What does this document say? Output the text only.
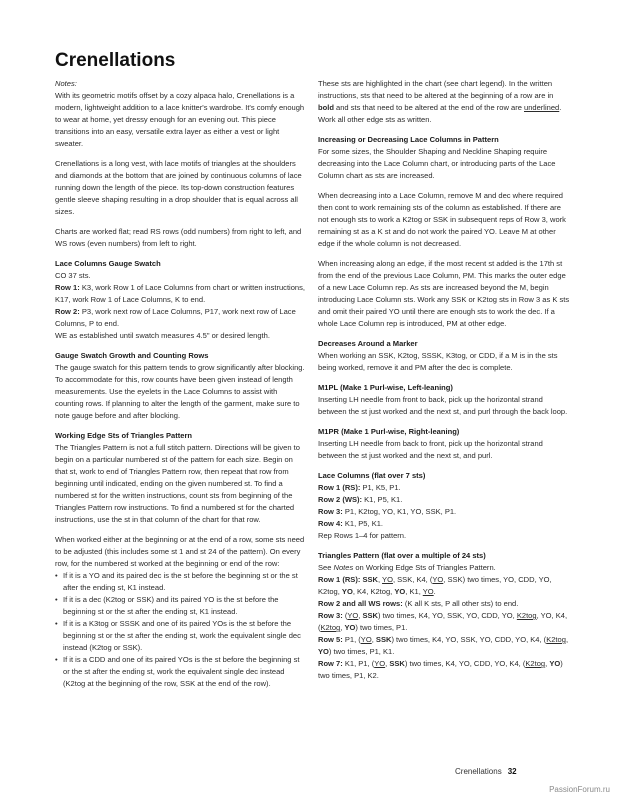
Crenellations
Notes:

With its geometric motifs offset by a cozy alpaca halo, Crenellations is a modern, lightweight addition to a lace knitter's wardrobe. It's comfy enough to wear at home, yet dressy enough for an evening out. This piece transitions into an easy, versatile extra layer as either a vest or light sweater.

Crenellations is a long vest, with lace motifs of triangles at the shoulders and diamonds at the bottom that are joined by continuous columns of lace running down the length of the piece. Its top-down construction features gentle sleeve shaping resulting in a drop shoulder that is equal across all sizes.

Charts are worked flat; read RS rows (odd numbers) from right to left, and WS rows (even numbers) from left to right.

Lace Columns Gauge Swatch

CO 37 sts.
Row 1: K3, work Row 1 of Lace Columns from chart or written instructions, K17, work Row 1 of Lace Columns, K to end.
Row 2: P3, work next row of Lace Columns, P17, work next row of Lace Columns, P to end.
WE as established until swatch measures 4.5" or desired length.

Gauge Swatch Growth and Counting Rows

The gauge swatch for this pattern tends to grow significantly after blocking. To accommodate for this, row counts have been given instead of length measurements. Use the eyelets in the Lace Columns to assist with counting rows. If planning to alter the length of the garment, make sure to note gauge before and after blocking.

Working Edge Sts of Triangles Pattern

The Triangles Pattern is not a full stitch pattern. Directions will be given to begin on a particular numbered st of the pattern for each size. Begin on that st, work to end of Triangles Pattern row, then repeat that row from beginning until indicated, ending on the given numbered st. To find a numbered st for the written instructions, count sts from beginning of the Triangles Pattern row instructions. To find a numbered st for the charted instructions, use the st in that column of the chart for that row.

When worked either at the beginning or at the end of a row, some sts need to be adjusted (this includes some st 1 and st 24 of the pattern). On every row, for the numbered st worked at the beginning or end of the row:

• If it is a YO and its paired dec is the st before the beginning st or the st after the ending st, K1 instead.
• If it is a dec (K2tog or SSK) and its paired YO is the st before the beginning st or the st after the ending st, K1 instead.
• If it is a K3tog or SSSK and one of its paired YOs is the st before the beginning st or the st after the ending st, work the equivalent single dec instead (K2tog or SSK).
• If it is a CDD and one of its paired YOs is the st before the beginning st or the st after the ending st, work the equivalent single dec instead (K2tog at the beginning of the row, SSK at the end of the row).

These sts are highlighted in the chart (see chart legend). In the written instructions, sts that need to be altered at the beginning of a row are in bold and sts that need to be altered at the end of the row are underlined. Work all other edge sts as written.

Increasing or Decreasing Lace Columns in Pattern

For some sizes, the Shoulder Shaping and Neckline Shaping require decreasing into the Lace Column chart, or introducing parts of the Lace Column chart as sts are increased.

When decreasing into a Lace Column, remove M and dec where required then cont to work remaining sts of the column as established. If there are not enough sts to work a K2tog or SSK in subsequent reps of Row 3, work remaining st as a K st and do not work the paired YO. Leave M at other edge if the whole column is not decreased.

When increasing along an edge, if the most recent st added is the 17th st from the end of the previous Lace Column, PM. This marks the outer edge of a new Lace Column rep. As sts are increased beyond the M, begin introducing Lace Column sts. Work any SSK or K2tog sts in Row 3 as K sts and omit their paired YO until there are enough sts to work the dec. If a whole Lace Column rep is introduced, PM at other edge.

Decreases Around a Marker

When working an SSK, K2tog, SSSK, K3tog, or CDD, if a M is in the sts being worked, remove it and PM after the dec is complete.

M1PL (Make 1 Purl-wise, Left-leaning)

Inserting LH needle from front to back, pick up the horizontal strand between the st just worked and the next st, and purl through the back loop.

M1PR (Make 1 Purl-wise, Right-leaning)

Inserting LH needle from back to front, pick up the horizontal strand between the st just worked and the next st, and purl.

Lace Columns (flat over 7 sts)

Row 1 (RS): P1, K5, P1.
Row 2 (WS): K1, P5, K1.
Row 3: P1, K2tog, YO, K1, YO, SSK, P1.
Row 4: K1, P5, K1.
Rep Rows 1–4 for pattern.

Triangles Pattern (flat over a multiple of 24 sts)

See Notes on Working Edge Sts of Triangles Pattern.
Row 1 (RS): SSK, YO, SSK, K4, (YO, SSK) two times, YO, CDD, YO, K2tog, YO, K4, K2tog, YO, K1, YO.
Row 2 and all WS rows: (K all K sts, P all other sts) to end.
Row 3: (YO, SSK) two times, K4, YO, SSK, YO, CDD, YO, K2tog, YO, K4, (K2tog, YO) two times, P1.
Row 5: P1, (YO, SSK) two times, K4, YO, SSK, YO, CDD, YO, K4, (K2tog, YO) two times, P1, K1.
Row 7: K1, P1, (YO, SSK) two times, K4, YO, CDD, YO, K4, (K2tog, YO) two times, P1, K2.

Crenellations 32
PassionForum.ru
